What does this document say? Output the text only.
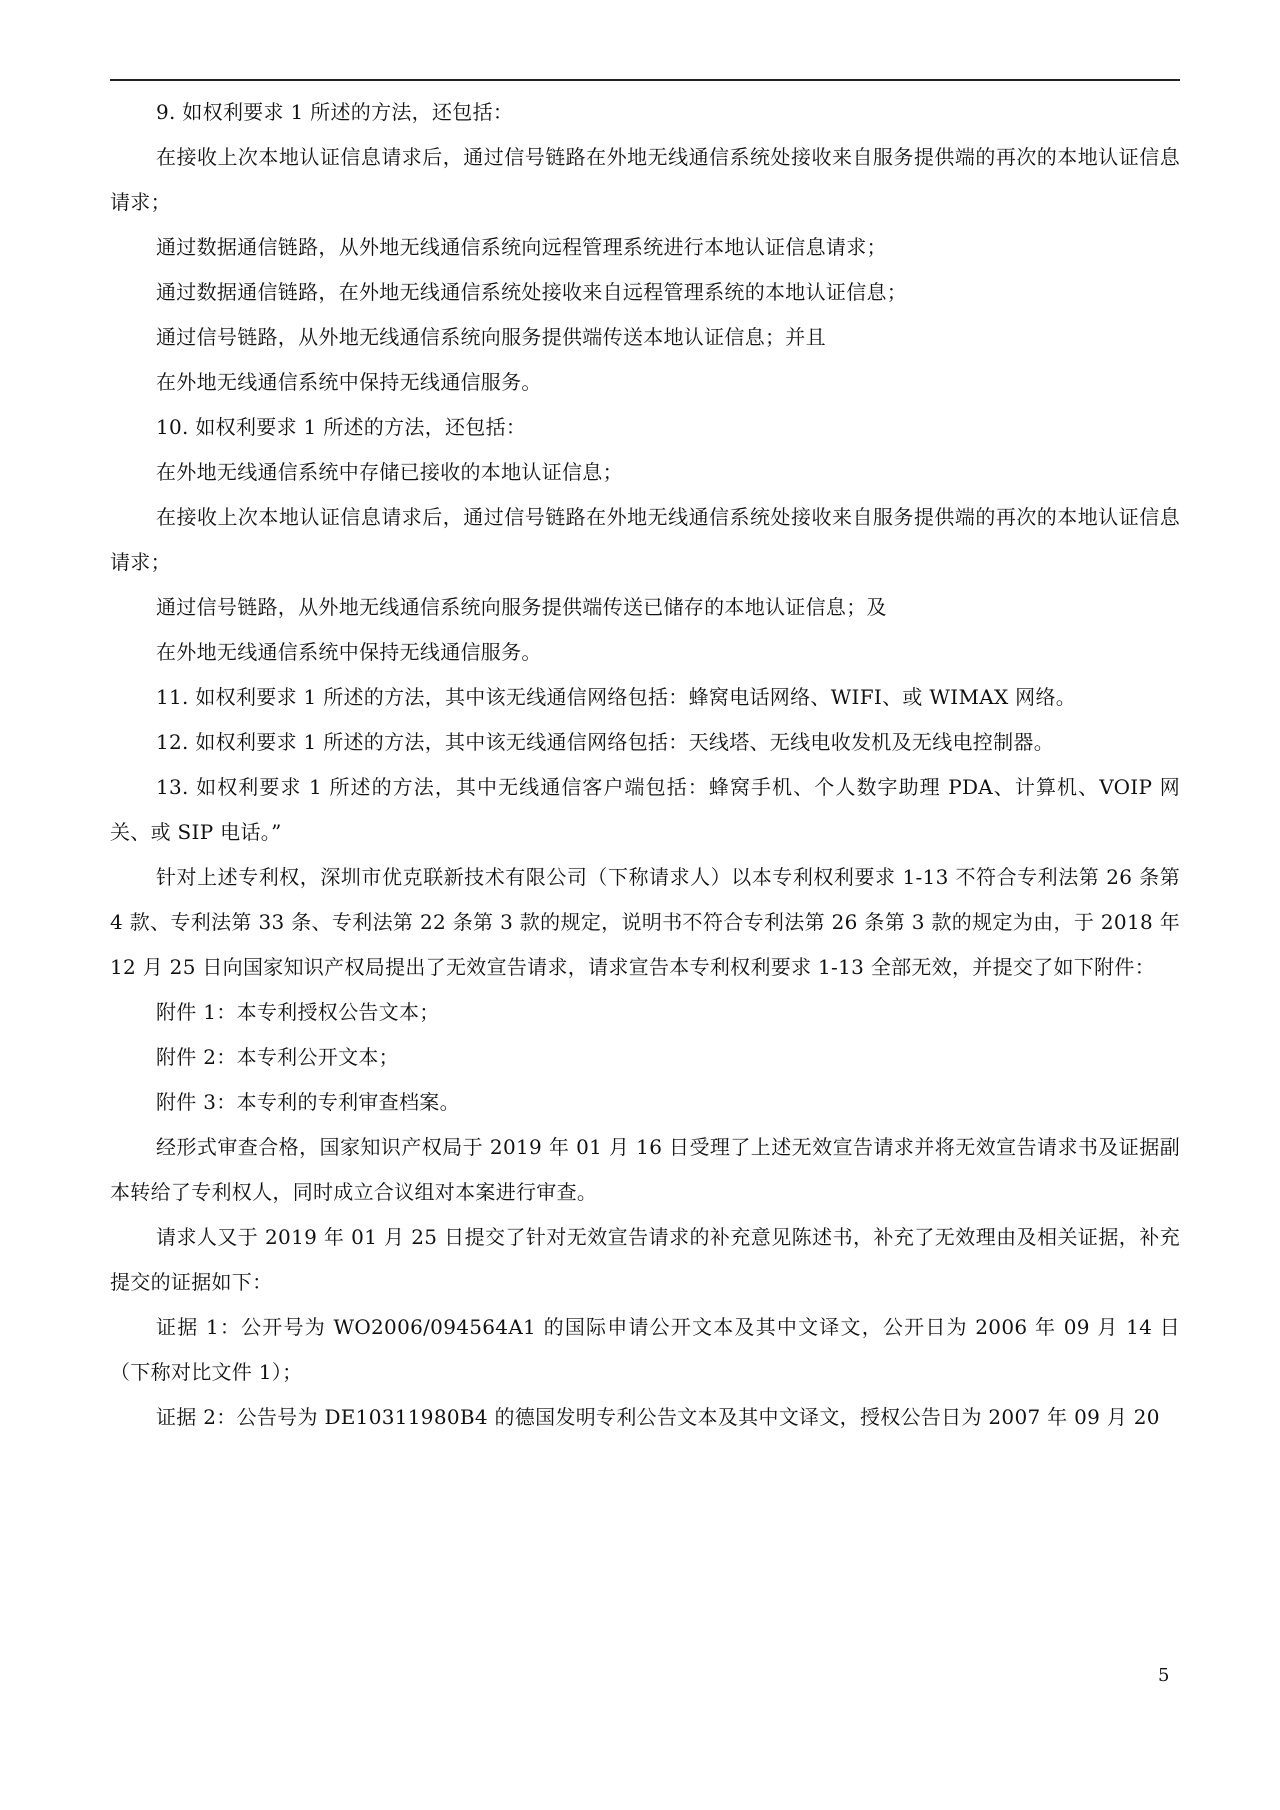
9. 如权利要求 1 所述的方法，还包括：

在接收上次本地认证信息请求后，通过信号链路在外地无线通信系统处接收来自服务提供端的再次的本地认证信息请求；

通过数据通信链路，从外地无线通信系统向远程管理系统进行本地认证信息请求；

通过数据通信链路，在外地无线通信系统处接收来自远程管理系统的本地认证信息；

通过信号链路，从外地无线通信系统向服务提供端传送本地认证信息；并且

在外地无线通信系统中保持无线通信服务。

10. 如权利要求 1 所述的方法，还包括：

在外地无线通信系统中存储已接收的本地认证信息；

在接收上次本地认证信息请求后，通过信号链路在外地无线通信系统处接收来自服务提供端的再次的本地认证信息请求；

通过信号链路，从外地无线通信系统向服务提供端传送已储存的本地认证信息；及

在外地无线通信系统中保持无线通信服务。

11. 如权利要求 1 所述的方法，其中该无线通信网络包括：蜂窝电话网络、WIFI、或 WIMAX 网络。

12. 如权利要求 1 所述的方法，其中该无线通信网络包括：天线塔、无线电收发机及无线电控制器。

13. 如权利要求 1 所述的方法，其中无线通信客户端包括：蜂窝手机、个人数字助理 PDA、计算机、VOIP 网关、或 SIP 电话。”

针对上述专利权，深圳市优克联新技术有限公司（下称请求人）以本专利权利要求 1-13 不符合专利法第 26 条第 4 款、专利法第 33 条、专利法第 22 条第 3 款的规定，说明书不符合专利法第 26 条第 3 款的规定为由，于 2018 年 12 月 25 日向国家知识产权局提出了无效宣告请求，请求宣告本专利权利要求 1-13 全部无效，并提交了如下附件：

附件 1：本专利授权公告文本；

附件 2：本专利公开文本；

附件 3：本专利的专利审查档案。

经形式审查合格，国家知识产权局于 2019 年 01 月 16 日受理了上述无效宣告请求并将无效宣告请求书及证据副本转给了专利权人，同时成立合议组对本案进行审查。

请求人又于 2019 年 01 月 25 日提交了针对无效宣告请求的补充意见陈述书，补充了无效理由及相关证据，补充提交的证据如下：

证据 1：公开号为 WO2006/094564A1 的国际申请公开文本及其中文译文，公开日为 2006 年 09 月 14 日（下称对比文件 1）；

证据 2：公告号为 DE10311980B4 的德国发明专利公告文本及其中文译文，授权公告日为 2007 年 09 月 20

5
